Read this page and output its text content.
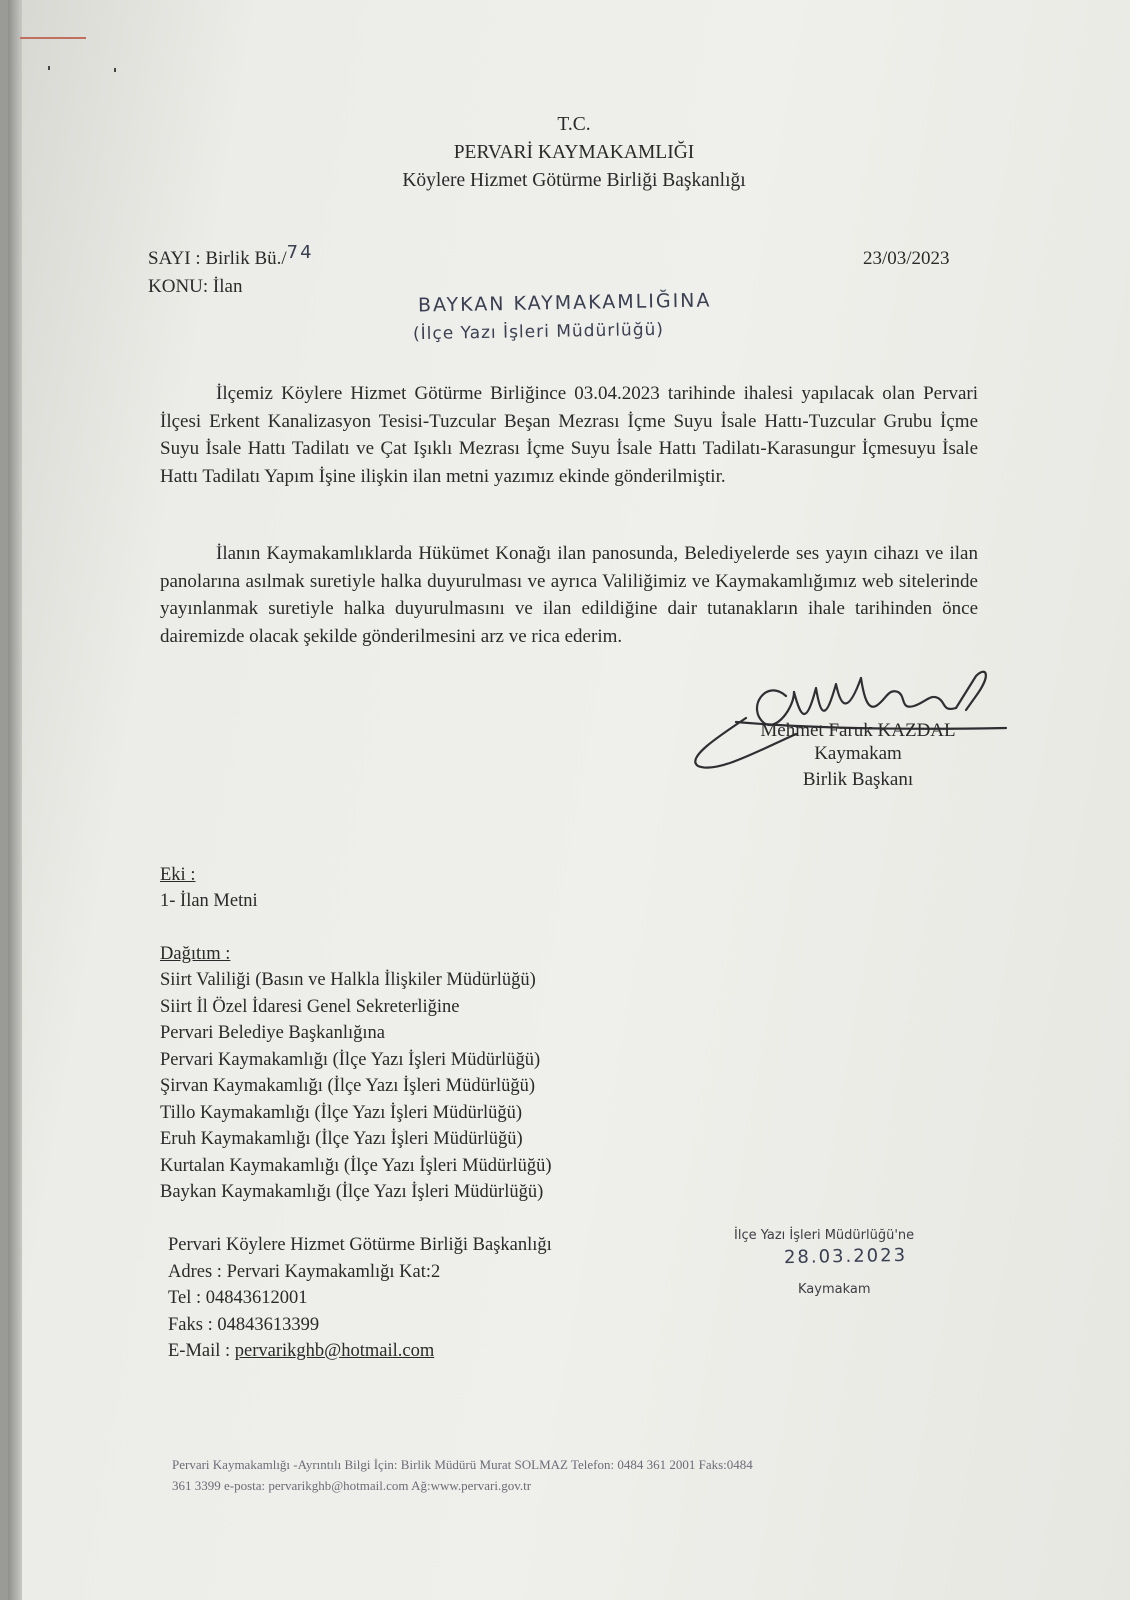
T.C.
PERVARİ KAYMAKAMLIĞI
Köylere Hizmet Götürme Birliği Başkanlığı
SAYI : Birlik Bü./74	23/03/2023
KONU: İlan
BAYKAN KAYMAKAMLIĞINA
(İlçe Yazı İşleri Müdürlüğü)
İlçemiz Köylere Hizmet Götürme Birliğince 03.04.2023 tarihinde ihalesi yapılacak olan Pervari İlçesi Erkent Kanalizasyon Tesisi-Tuzcular Beşan Mezrası İçme Suyu İsale Hattı-Tuzcular Grubu İçme Suyu İsale Hattı Tadilatı ve Çat Işıklı Mezrası İçme Suyu İsale Hattı Tadilatı-Karasungur İçmesuyu İsale Hattı Tadilatı Yapım İşine ilişkin ilan metni yazımız ekinde gönderilmiştir.
İlanın Kaymakamlıklarda Hükümet Konağı ilan panosunda, Belediyelerde ses yayın cihazı ve ilan panolarına asılmak suretiyle halka duyurulması ve ayrıca Valiliğimiz ve Kaymakamlığımız web sitelerinde yayınlanmak suretiyle halka duyurulmasını ve ilan edildiğine dair tutanakların ihale tarihinden önce dairemizde olacak şekilde gönderilmesini arz ve rica ederim.
Mehmet Faruk KAZDAL
Kaymakam
Birlik Başkanı
Eki :
1- İlan Metni
Dağıtım :
Siirt Valiliği (Basın ve Halkla İlişkiler Müdürlüğü)
Siirt İl Özel İdaresi Genel Sekreterliğine
Pervari Belediye Başkanlığına
Pervari Kaymakamlığı (İlçe Yazı İşleri Müdürlüğü)
Şirvan Kaymakamlığı (İlçe Yazı İşleri Müdürlüğü)
Tillo Kaymakamlığı (İlçe Yazı İşleri Müdürlüğü)
Eruh Kaymakamlığı (İlçe Yazı İşleri Müdürlüğü)
Kurtalan Kaymakamlığı (İlçe Yazı İşleri Müdürlüğü)
Baykan Kaymakamlığı (İlçe Yazı İşleri Müdürlüğü)
Pervari Köylere Hizmet Götürme Birliği Başkanlığı
Adres : Pervari Kaymakamlığı Kat:2
Tel : 04843612001
Faks : 04843613399
E-Mail : pervarikghb@hotmail.com
İlçe Yazı İşleri Müdürlüğü'ne
28.03.2023
Kaymakam
Pervari Kaymakamlığı -Ayrıntılı Bilgi İçin: Birlik Müdürü Murat SOLMAZ Telefon: 0484 361 2001 Faks:0484
361 3399 e-posta: pervarikghb@hotmail.com Ağ:www.pervari.gov.tr
